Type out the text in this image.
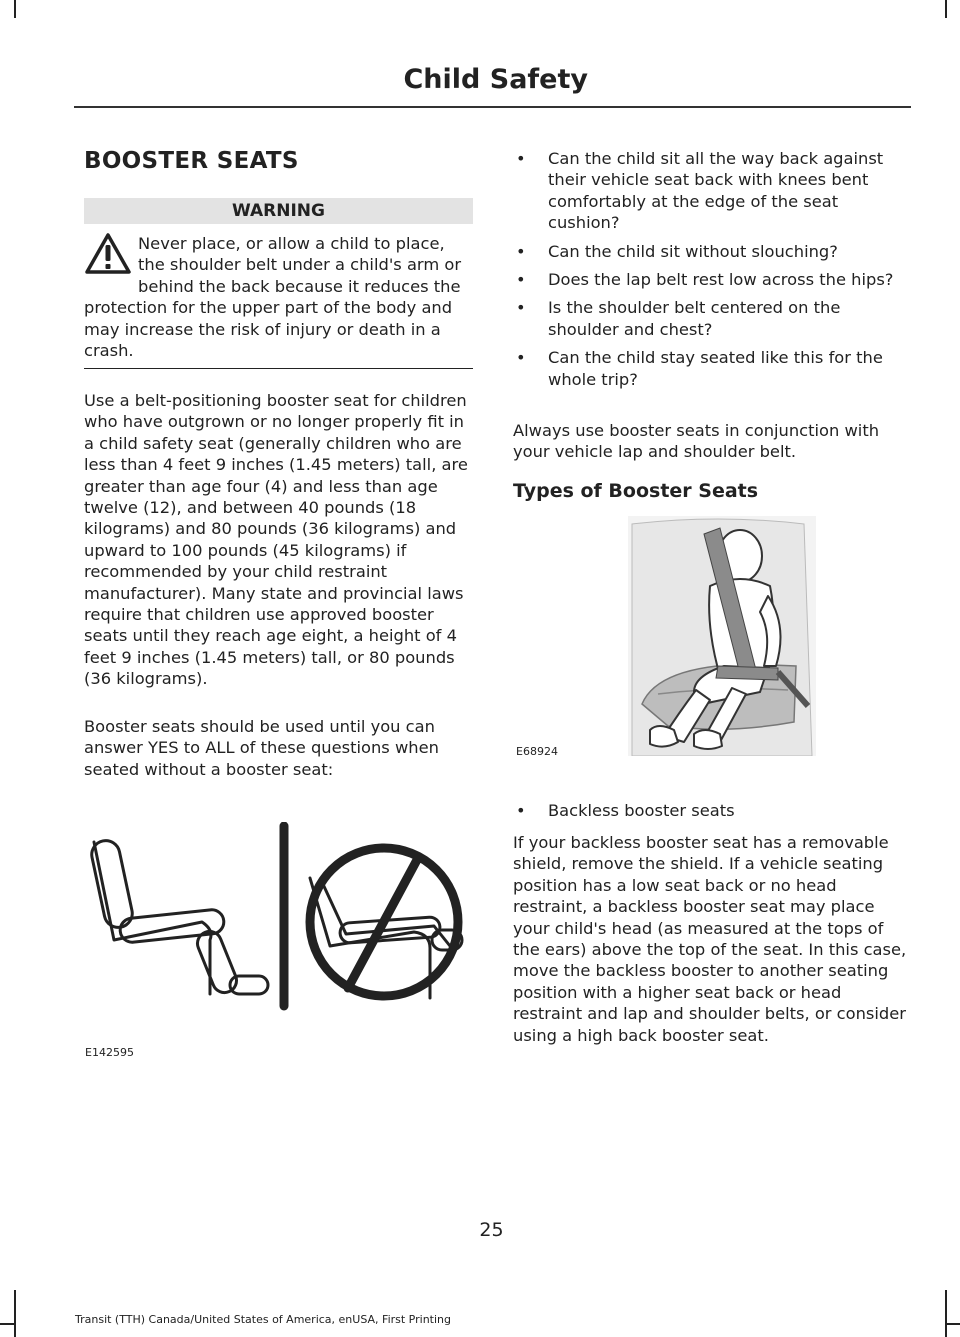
Child Safety
BOOSTER SEATS
WARNING
Never place, or allow a child to place, the shoulder belt under a child's arm or behind the back because it reduces the protection for the upper part of the body and may increase the risk of injury or death in a crash.

Use a belt-positioning booster seat for children who have outgrown or no longer properly fit in a child safety seat (generally children who are less than 4 feet 9 inches (1.45 meters) tall, are greater than age four (4) and less than age twelve (12), and between 40 pounds (18 kilograms) and 80 pounds (36 kilograms) and upward to 100 pounds (45 kilograms) if recommended by your child restraint manufacturer). Many state and provincial laws require that children use approved booster seats until they reach age eight, a height of 4 feet 9 inches (1.45 meters) tall, or 80 pounds (36 kilograms).

Booster seats should be used until you can answer YES to ALL of these questions when seated without a booster seat:

E142595
• Can the child sit all the way back against their vehicle seat back with knees bent comfortably at the edge of the seat cushion?
• Can the child sit without slouching?
• Does the lap belt rest low across the hips?
• Is the shoulder belt centered on the shoulder and chest?
• Can the child stay seated like this for the whole trip?

Always use booster seats in conjunction with your vehicle lap and shoulder belt.

Types of Booster Seats
E68924
• Backless booster seats

If your backless booster seat has a removable shield, remove the shield. If a vehicle seating position has a low seat back or no head restraint, a backless booster seat may place your child's head (as measured at the tops of the ears) above the top of the seat. In this case, move the backless booster to another seating position with a higher seat back or head restraint and lap and shoulder belts, or consider using a high back booster seat.

25
Transit (TTH) Canada/United States of America, enUSA, First Printing
